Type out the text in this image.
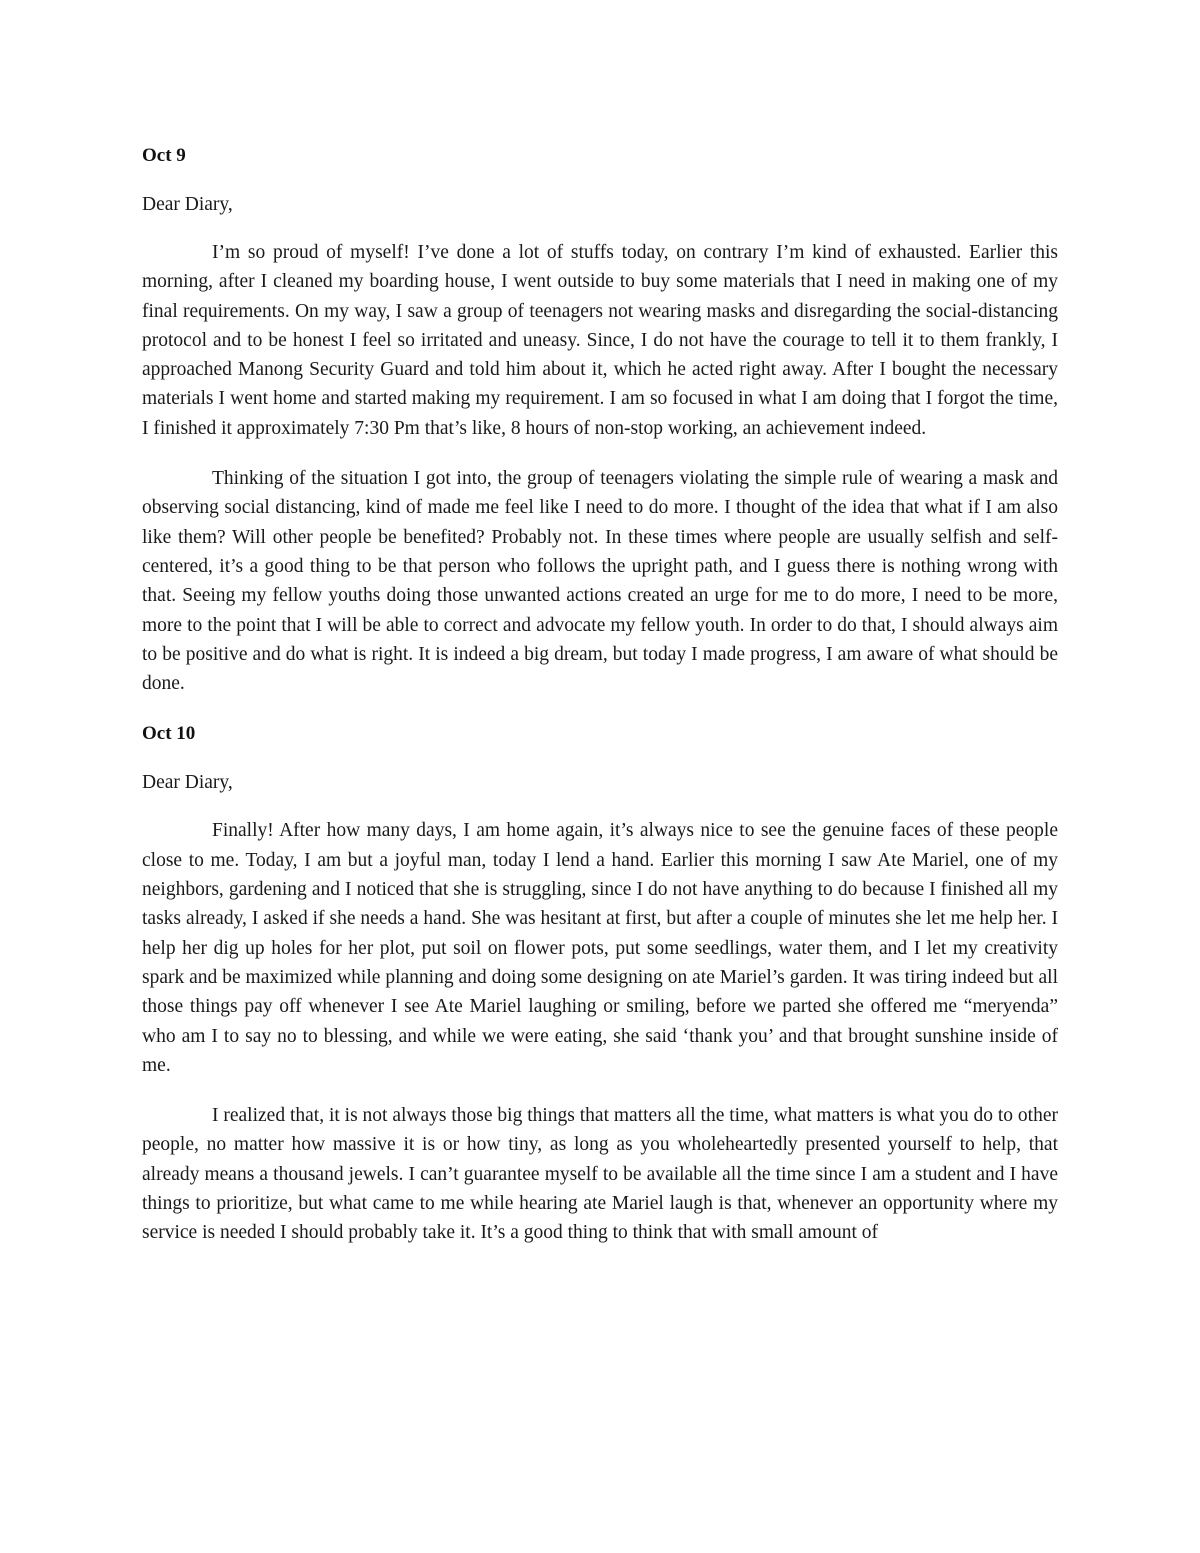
Oct 9
Dear Diary,

I’m so proud of myself! I’ve done a lot of stuffs today, on contrary I’m kind of exhausted. Earlier this morning, after I cleaned my boarding house, I went outside to buy some materials that I need in making one of my final requirements. On my way, I saw a group of teenagers not wearing masks and disregarding the social-distancing protocol and to be honest I feel so irritated and uneasy. Since, I do not have the courage to tell it to them frankly, I approached Manong Security Guard and told him about it, which he acted right away. After I bought the necessary materials I went home and started making my requirement. I am so focused in what I am doing that I forgot the time, I finished it approximately 7:30 Pm that’s like, 8 hours of non-stop working, an achievement indeed.

Thinking of the situation I got into, the group of teenagers violating the simple rule of wearing a mask and observing social distancing, kind of made me feel like I need to do more. I thought of the idea that what if I am also like them? Will other people be benefited? Probably not. In these times where people are usually selfish and self-centered, it’s a good thing to be that person who follows the upright path, and I guess there is nothing wrong with that. Seeing my fellow youths doing those unwanted actions created an urge for me to do more, I need to be more, more to the point that I will be able to correct and advocate my fellow youth. In order to do that, I should always aim to be positive and do what is right. It is indeed a big dream, but today I made progress, I am aware of what should be done.

Oct 10
Dear Diary,

Finally! After how many days, I am home again, it’s always nice to see the genuine faces of these people close to me. Today, I am but a joyful man, today I lend a hand. Earlier this morning I saw Ate Mariel, one of my neighbors, gardening and I noticed that she is struggling, since I do not have anything to do because I finished all my tasks already, I asked if she needs a hand. She was hesitant at first, but after a couple of minutes she let me help her. I help her dig up holes for her plot, put soil on flower pots, put some seedlings, water them, and I let my creativity spark and be maximized while planning and doing some designing on ate Mariel’s garden. It was tiring indeed but all those things pay off whenever I see Ate Mariel laughing or smiling, before we parted she offered me “meryenda” who am I to say no to blessing, and while we were eating, she said ‘thank you’ and that brought sunshine inside of me.

I realized that, it is not always those big things that matters all the time, what matters is what you do to other people, no matter how massive it is or how tiny, as long as you wholeheartedly presented yourself to help, that already means a thousand jewels. I can’t guarantee myself to be available all the time since I am a student and I have things to prioritize, but what came to me while hearing ate Mariel laugh is that, whenever an opportunity where my service is needed I should probably take it. It’s a good thing to think that with small amount of
